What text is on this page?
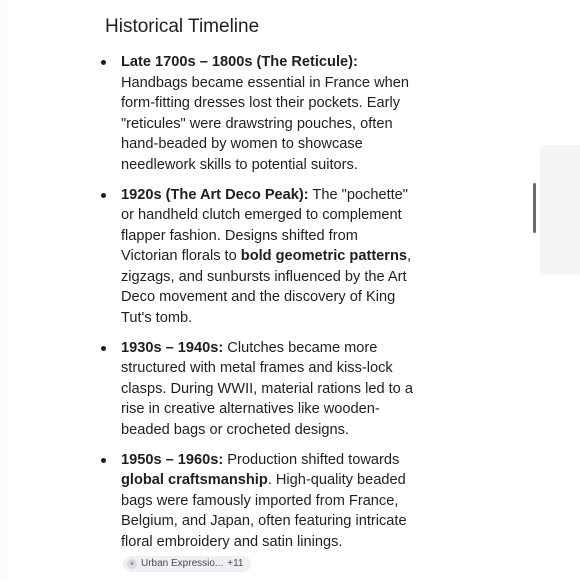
Historical Timeline
Late 1700s – 1800s (The Reticule): Handbags became essential in France when form-fitting dresses lost their pockets. Early "reticules" were drawstring pouches, often hand-beaded by women to showcase needlework skills to potential suitors.
1920s (The Art Deco Peak): The "pochette" or handheld clutch emerged to complement flapper fashion. Designs shifted from Victorian florals to bold geometric patterns, zigzags, and sunbursts influenced by the Art Deco movement and the discovery of King Tut's tomb.
1930s – 1940s: Clutches became more structured with metal frames and kiss-lock clasps. During WWII, material rations led to a rise in creative alternatives like wooden-beaded bags or crocheted designs.
1950s – 1960s: Production shifted towards global craftsmanship. High-quality beaded bags were famously imported from France, Belgium, and Japan, often featuring intricate floral embroidery and satin linings.
e Urban Expressio... +11
